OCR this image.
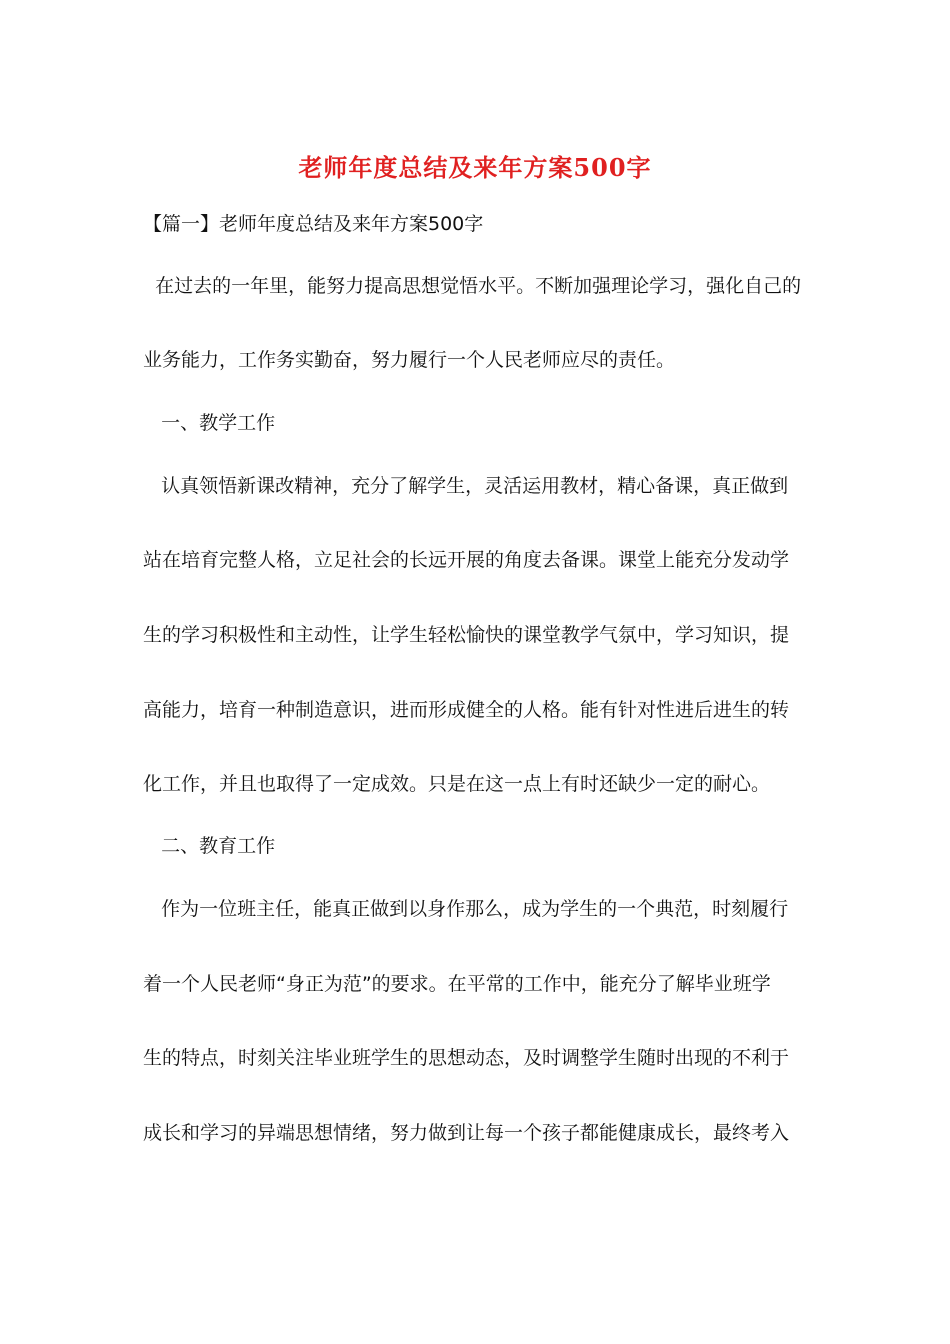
老师年度总结及来年方案500字

【篇一】老师年度总结及来年方案500字

在过去的一年里，能努力提高思想觉悟水平。不断加强理论学习，强化自己的

业务能力，工作务实勤奋，努力履行一个人民老师应尽的责任。

一、教学工作

认真领悟新课改精神，充分了解学生，灵活运用教材，精心备课，真正做到

站在培育完整人格，立足社会的长远开展的角度去备课。课堂上能充分发动学

生的学习积极性和主动性，让学生轻松愉快的课堂教学气氛中，学习知识，提

高能力，培育一种制造意识，进而形成健全的人格。能有针对性进后进生的转

化工作，并且也取得了一定成效。只是在这一点上有时还缺少一定的耐心。

二、教育工作

作为一位班主任，能真正做到以身作那么，成为学生的一个典范，时刻履行

着一个人民老师“身正为范”的要求。在平常的工作中，能充分了解毕业班学

生的特点，时刻关注毕业班学生的思想动态，及时调整学生随时出现的不利于

成长和学习的异端思想情绪，努力做到让每一个孩子都能健康成长，最终考入
